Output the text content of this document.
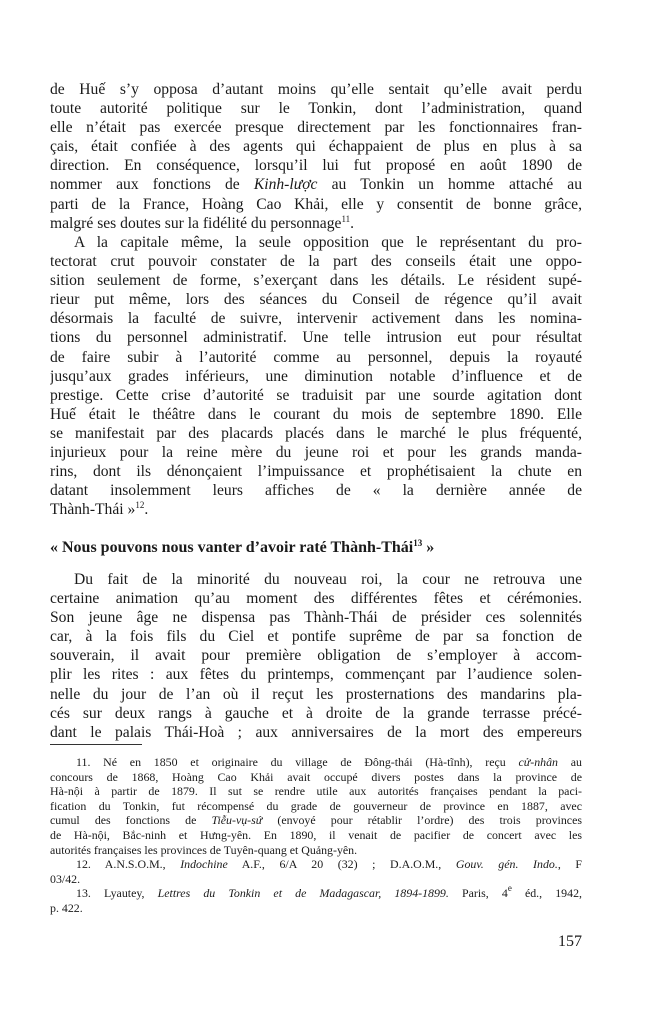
de Huế s’y opposa d’autant moins qu’elle sentait qu’elle avait perdu
toute autorité politique sur le Tonkin, dont l’administration, quand
elle n’était pas exercée presque directement par les fonctionnaires fran-
çais, était confiée à des agents qui échappaient de plus en plus à sa
direction. En conséquence, lorsqu’il lui fut proposé en août 1890 de
nommer aux fonctions de Kinh-lược au Tonkin un homme attaché au
parti de la France, Hoàng Cao Khải, elle y consentit de bonne grâce,
malgré ses doutes sur la fidélité du personnage$^{11}$.
A la capitale même, la seule opposition que le représentant du pro-
tectorat crut pouvoir constater de la part des conseils était une oppo-
sition seulement de forme, s’exerçant dans les détails. Le résident supé-
rieur put même, lors des séances du Conseil de régence qu’il avait
désormais la faculté de suivre, intervenir activement dans les nomina-
tions du personnel administratif. Une telle intrusion eut pour résultat
de faire subir à l’autorité comme au personnel, depuis la royauté
jusqu’aux grades inférieurs, une diminution notable d’influence et de
prestige. Cette crise d’autorité se traduisit par une sourde agitation dont
Huế était le théâtre dans le courant du mois de septembre 1890. Elle
se manifestait par des placards placés dans le marché le plus fréquenté,
injurieux pour la reine mère du jeune roi et pour les grands manda-
rins, dont ils dénonçaient l’impuissance et prophétisaient la chute en
datant insolemment leurs affiches de « la dernière année de
Thành-Thái »$^{12}$.
« Nous pouvons nous vanter d’avoir raté Thành-Thái$^{13}$ »
Du fait de la minorité du nouveau roi, la cour ne retrouva une
certaine animation qu’au moment des différentes fêtes et cérémonies.
Son jeune âge ne dispensa pas Thành-Thái de présider ces solennités
car, à la fois fils du Ciel et pontife suprême de par sa fonction de
souverain, il avait pour première obligation de s’employer à accom-
plir les rites : aux fêtes du printemps, commençant par l’audience solen-
nelle du jour de l’an où il reçut les prosternations des mandarins pla-
cés sur deux rangs à gauche et à droite de la grande terrasse précé-
dant le palais Thái-Hoà ; aux anniversaires de la mort des empereurs
11. Né en 1850 et originaire du village de Đông-thái (Hà-tĩnh), reçu cử-nhân au
concours de 1868, Hoàng Cao Khải avait occupé divers postes dans la province de
Hà-nội à partir de 1879. Il sut se rendre utile aux autorités françaises pendant la paci-
fication du Tonkin, fut récompensé du grade de gouverneur de province en 1887, avec
cumul des fonctions de Tiễu-vụ-sứ (envoyé pour rétablir l’ordre) des trois provinces
de Hà-nội, Bắc-ninh et Hưng-yên. En 1890, il venait de pacifier de concert avec les
autorités françaises les provinces de Tuyên-quang et Quảng-yên.
12. A.N.S.O.M., Indochine A.F., 6/A 20 (32) ; D.A.O.M., Gouv. gén. Indo., F
03/42.
13. Lyautey, Lettres du Tonkin et de Madagascar, 1894-1899. Paris, 4e éd., 1942,
p. 422.
157
